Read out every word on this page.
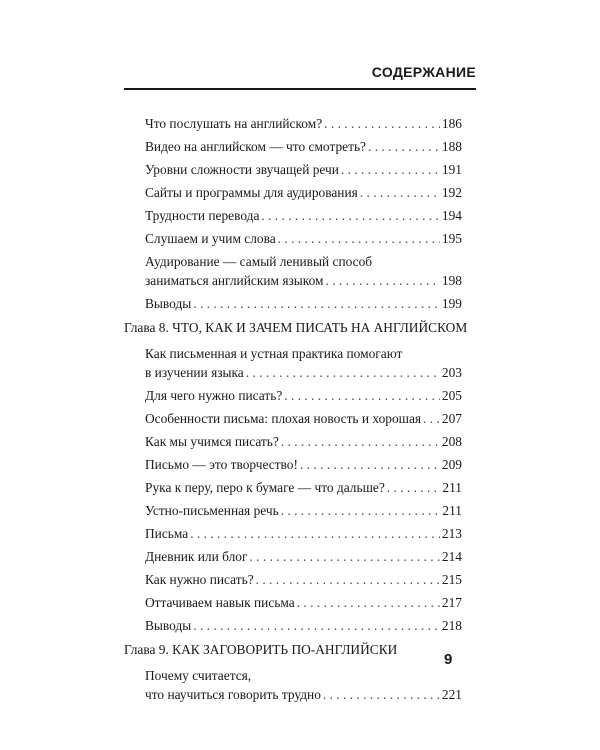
СОДЕРЖАНИЕ
Что послушать на английском? . . .	186
Видео на английском — что смотреть? . . .	188
Уровни сложности звучащей речи . . .	191
Сайты и программы для аудирования . . .	192
Трудности перевода . . .	194
Слушаем и учим слова . . .	195
Аудирование — самый ленивый способ
заниматься английским языком . . .	198
Выводы . . .	199
Глава 8. ЧТО, КАК И ЗАЧЕМ ПИСАТЬ НА АНГЛИЙСКОМ
Как письменная и устная практика помогают
в изучении языка . . .	203
Для чего нужно писать? . . .	205
Особенности письма: плохая новость и хорошая . . . 207
Как мы учимся писать? . . .	208
Письмо — это творчество! . . .	209
Рука к перу, перо к бумаге — что дальше? . . .	211
Устно-письменная речь . . .	211
Письма . . .	213
Дневник или блог . . .	214
Как нужно писать? . . .	215
Оттачиваем навык письма . . .	217
Выводы . . .	218
Глава 9. КАК ЗАГОВОРИТЬ ПО-АНГЛИЙСКИ
Почему считается,
что научиться говорить трудно . . .	221
9
